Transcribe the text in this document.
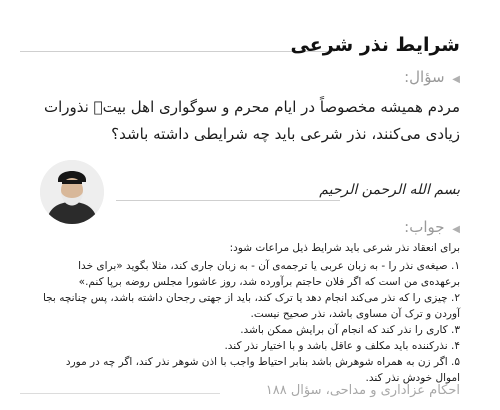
شرایط نذر شرعی
◀ سؤال:
مردم همیشه مخصوصاً در ایام محرم و سوگواری اهل بیتؐ نذورات زیادی می‌کنند، نذر شرعی باید چه شرایطی داشته باشد؟
بسم الله الرحمن الرحیم
◀ جواب:

برای انعقاد نذر شرعی باید شرایط ذیل مراعات شود:

۱. صیغه‌ی نذر را - به زبان عربی یا ترجمه‌ی آن - به زبان جاری کند، مثلا بگوید «برای خدا برعهده‌ی من است که اگر فلان حاجتم برآورده شد، روز عاشورا مجلس روضه برپا کنم.»

۲. چیزی را که نذر می‌کند انجام دهد یا ترک کند، باید از جهتی رجحان داشته باشد، پس چنانچه بجا آوردن و ترک آن مساوی باشد، نذر صحیح نیست.

۳. کاری را نذر کند که انجام آن برایش ممکن باشد.

۴. نذرکننده باید مکلف و عاقل باشد و با اختیار نذر کند.

۵. اگر زن به همراه شوهرش باشد بنابر احتیاط واجب با اذن شوهر نذر کند، اگر چه در مورد اموال خودش نذر کند.

احکام عزاداری و مداحی، سؤال ۱۸۸
